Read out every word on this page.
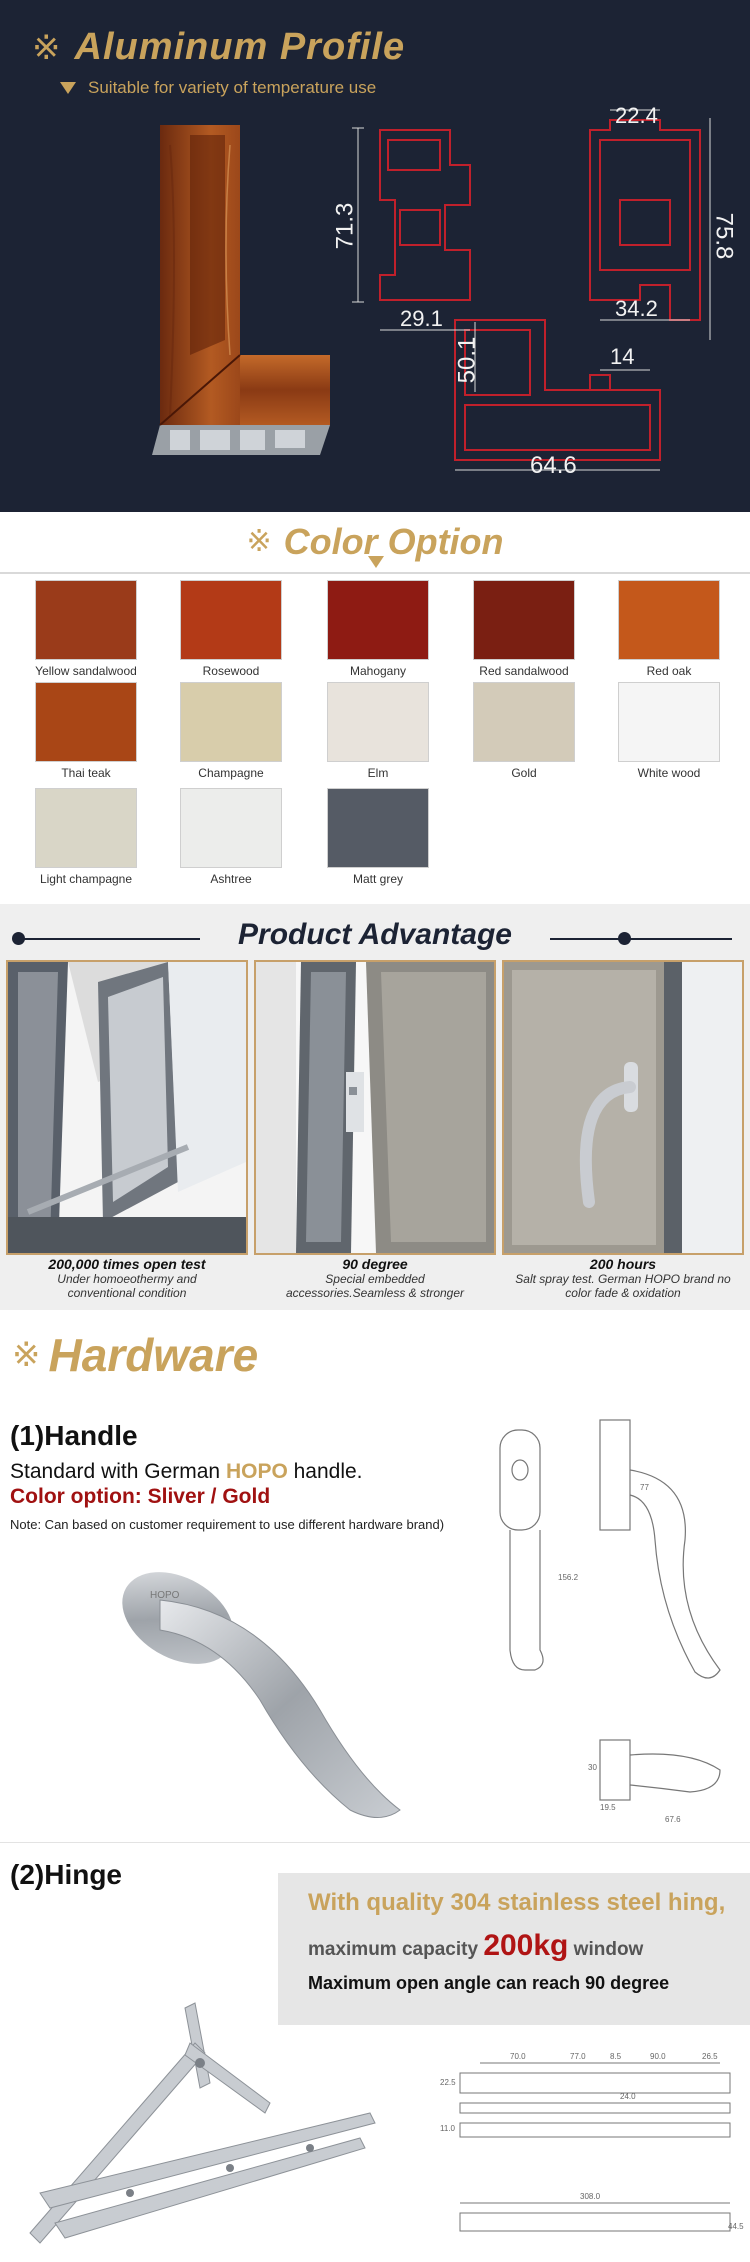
※ Aluminum Profile
Suitable for variety of temperature use
71.3
29.1
22.4
75.8
34.2
50.1	14
64.6
※ Color Option
Yellow sandalwood	Rosewood	Mahogany	Red sandalwood	Red oak
Thai teak	Champagne	Elm	Gold	White wood
Light champagne	Ashtree	Matt grey
Product Advantage
200,000 times open test
Under homoeothermy and
conventional condition
90 degree
Special embedded
accessories.Seamless & stronger
200 hours
Salt spray test. German HOPO brand no
color fade & oxidation
※ Hardware
(1)Handle
Standard with German HOPO handle.
Color option: Sliver / Gold
Note: Can based on customer requirement to use different hardware brand)
HOPO
77
156.2
30
19.5
67.6
(2)Hinge
With quality 304 stainless steel hing,
maximum capacity 200kg window
Maximum open angle can reach 90 degree
70.0	77.0	8.5	90.0	26.5
24.0
22.5
11.0
308.0
44.5
